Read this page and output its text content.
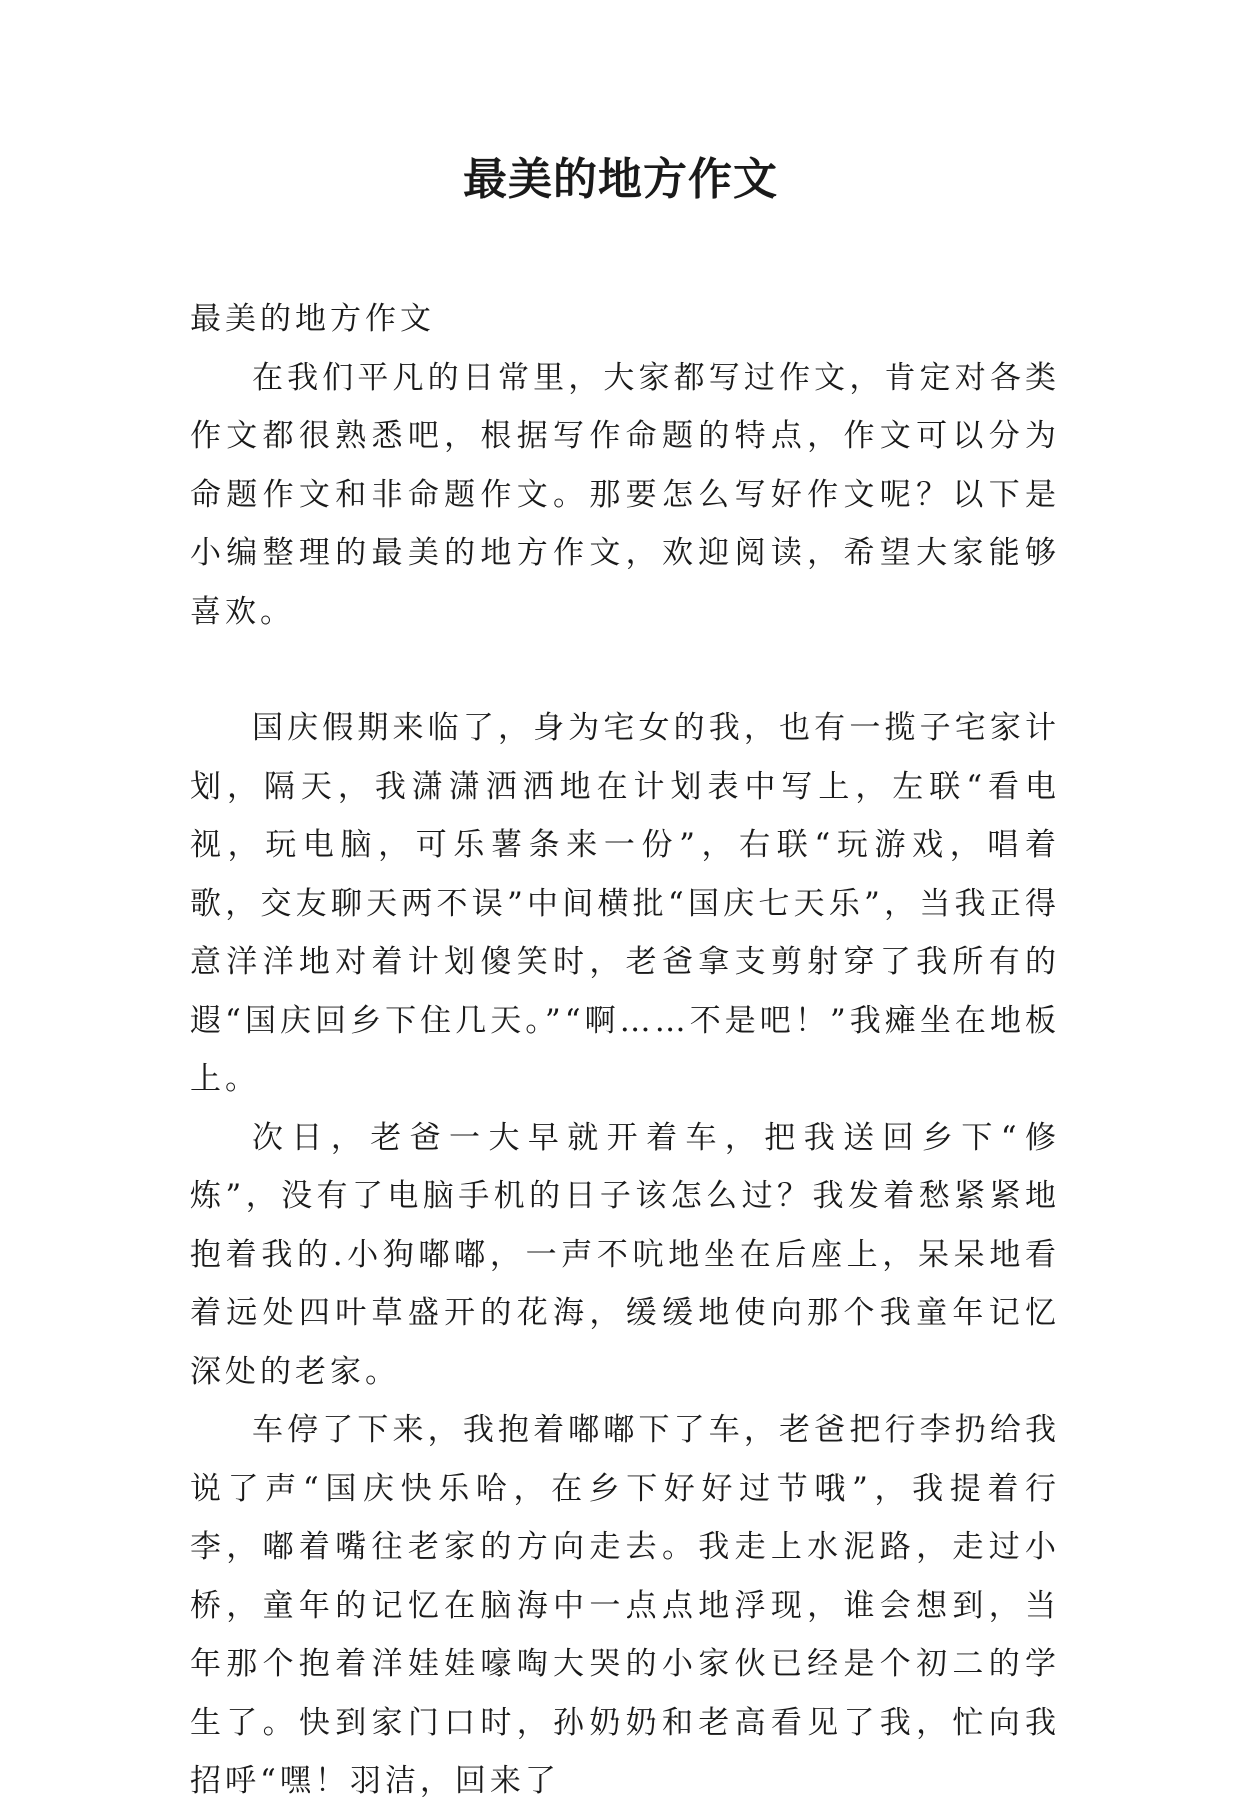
最美的地方作文

最美的地方作文

在我们平凡的日常里，大家都写过作文，肯定对各类作文都很熟悉吧，根据写作命题的特点，作文可以分为命题作文和非命题作文。那要怎么写好作文呢？以下是小编整理的最美的地方作文，欢迎阅读，希望大家能够喜欢。

国庆假期来临了，身为宅女的我，也有一揽子宅家计划，隔天，我潇潇洒洒地在计划表中写上，左联“看电视，玩电脑，可乐薯条来一份”，右联“玩游戏，唱着歌，交友聊天两不误”中间横批“国庆七天乐”，当我正得意洋洋地对着计划傻笑时，老爸拿支剪射穿了我所有的遐“国庆回乡下住几天。”“啊……不是吧！”我瘫坐在地板上。

次日，老爸一大早就开着车，把我送回乡下“修炼”，没有了电脑手机的日子该怎么过？我发着愁紧紧地抱着我的.小狗嘟嘟，一声不吭地坐在后座上，呆呆地看着远处四叶草盛开的花海，缓缓地使向那个我童年记忆深处的老家。

车停了下来，我抱着嘟嘟下了车，老爸把行李扔给我说了声“国庆快乐哈，在乡下好好过节哦”，我提着行李，嘟着嘴往老家的方向走去。我走上水泥路，走过小桥，童年的记忆在脑海中一点点地浮现，谁会想到，当年那个抱着洋娃娃嚎啕大哭的小家伙已经是个初二的学生了。快到家门口时，孙奶奶和老高看见了我，忙向我招呼“嘿！羽洁，回来了
